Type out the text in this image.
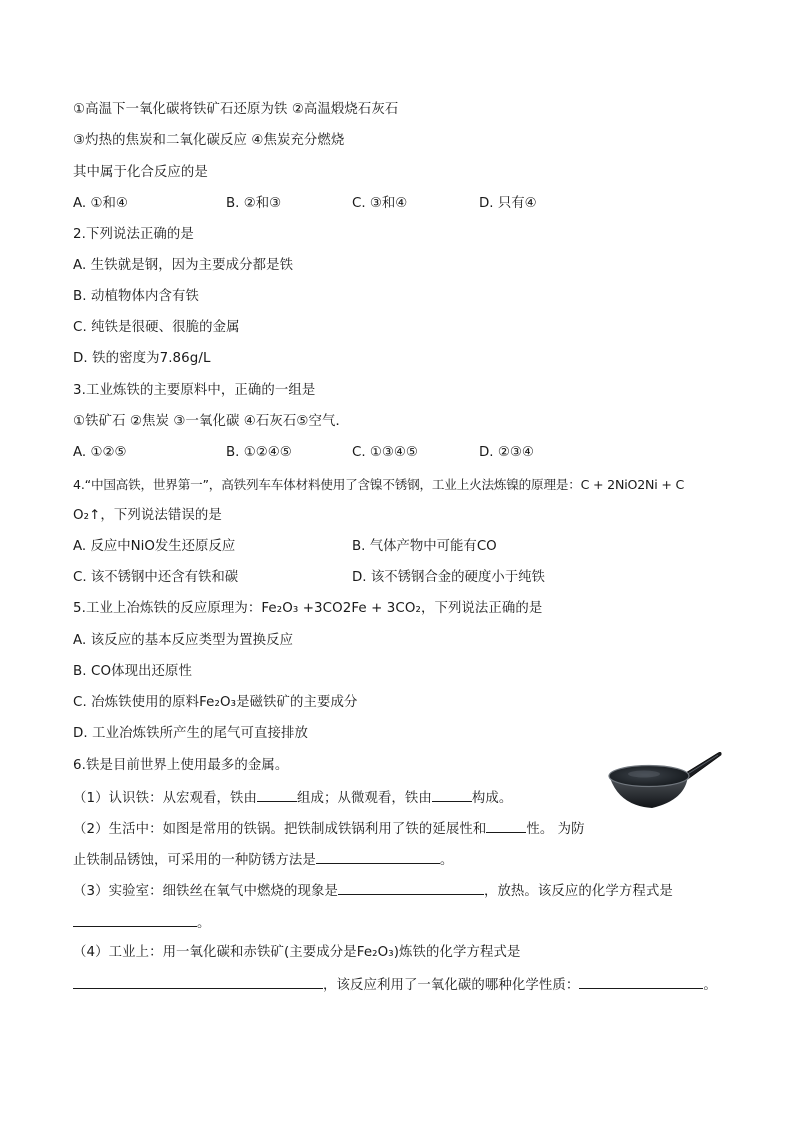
①高温下一氧化碳将铁矿石还原为铁 ②高温煅烧石灰石
③灼热的焦炭和二氧化碳反应 ④焦炭充分燃烧
其中属于化合反应的是
A. ①和④	B. ②和③	C. ③和④	D. 只有④
2.下列说法正确的是
A. 生铁就是钢，因为主要成分都是铁
B. 动植物体内含有铁
C. 纯铁是很硬、很脆的金属
D. 铁的密度为7.86g/L
3.工业炼铁的主要原料中，正确的一组是
①铁矿石 ②焦炭 ③一氧化碳 ④石灰石⑤空气．
A. ①②⑤	B. ①②④⑤	C. ①③④⑤	D. ②③④
4.“中国高铁，世界第一”，高铁列车车体材料使用了含镍不锈钢，工业上火法炼镍的原理是：C + 2NiO2Ni + C
O₂↑，下列说法错误的是
A. 反应中NiO发生还原反应	B. 气体产物中可能有CO
C. 该不锈钢中还含有铁和碳	D. 该不锈钢合金的硬度小于纯铁
5.工业上冶炼铁的反应原理为：Fe₂O₃ +3CO2Fe + 3CO₂，下列说法正确的是
A. 该反应的基本反应类型为置换反应
B. CO体现出还原性
C. 冶炼铁使用的原料Fe₂O₃是磁铁矿的主要成分
D. 工业冶炼铁所产生的尾气可直接排放
6.铁是目前世界上使用最多的金属。
（1）认识铁：从宏观看，铁由	组成；从微观看，铁由	构成。
（2）生活中：如图是常用的铁锅。把铁制成铁锅利用了铁的延展性和	性。 为防
止铁制品锈蚀，可采用的一种防锈方法是	。
（3）实验室：细铁丝在氧气中燃烧的现象是	，放热。该反应的化学方程式是
。
（4）工业上：用一氧化碳和赤铁矿(主要成分是Fe₂O₃)炼铁的化学方程式是
，该反应利用了一氧化碳的哪种化学性质：	。
